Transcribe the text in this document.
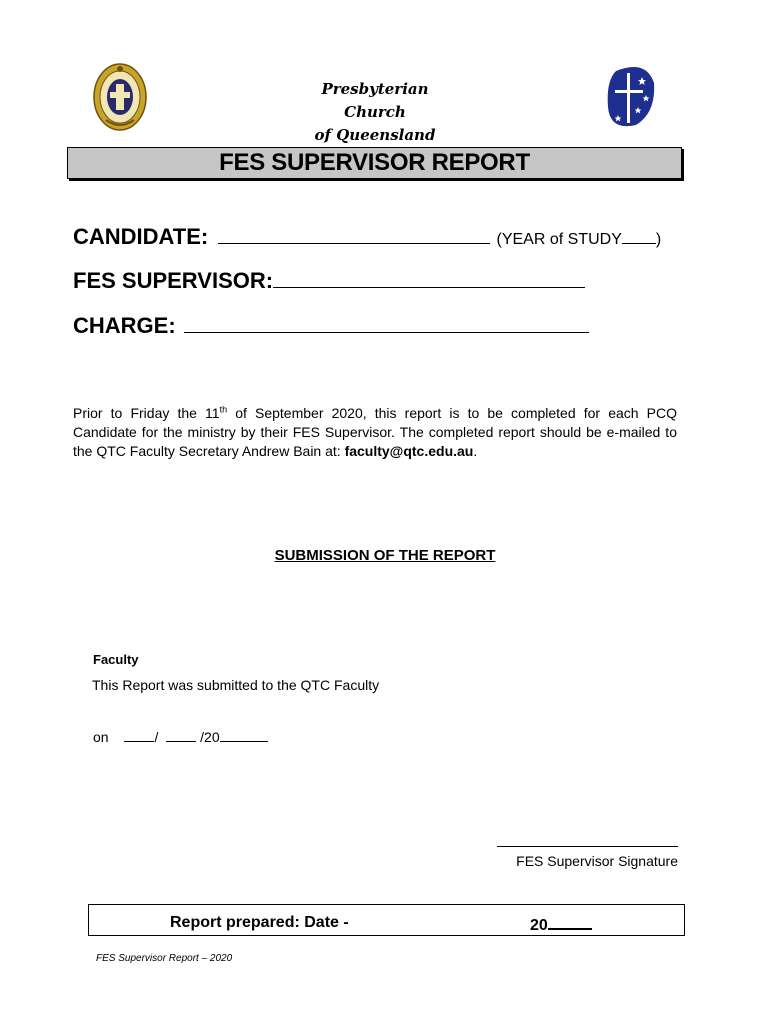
Presbyterian Church
of Queensland
FES SUPERVISOR REPORT
CANDIDATE:	(YEAR of STUDY )
FES SUPERVISOR:
CHARGE:
Prior to Friday the 11th of September 2020, this report is to be completed for each PCQ Candidate for the ministry by their FES Supervisor. The completed report should be e-mailed to the QTC Faculty Secretary Andrew Bain at: faculty@qtc.edu.au.
SUBMISSION OF THE REPORT
Faculty
This Report was submitted to the QTC Faculty
on	/	/20
FES Supervisor Signature
Report prepared: Date -	20
FES Supervisor Report – 2020
